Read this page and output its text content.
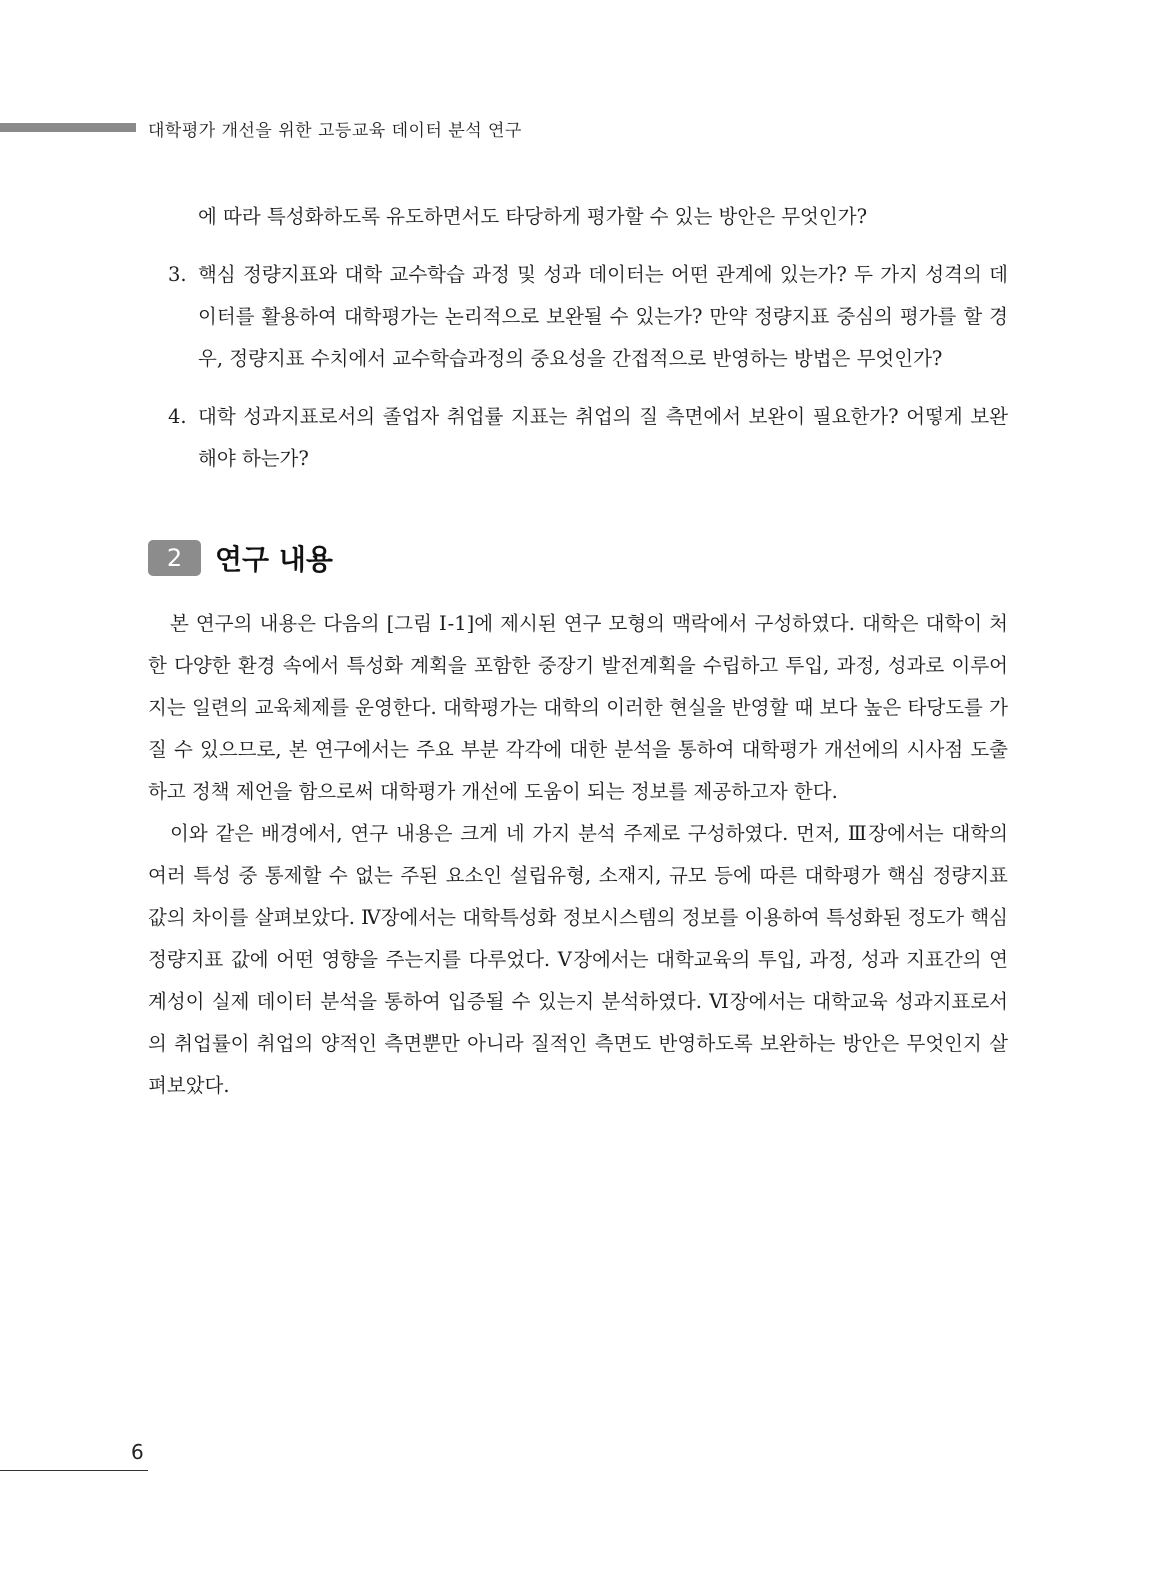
대학평가 개선을 위한 고등교육 데이터 분석 연구
에 따라 특성화하도록 유도하면서도 타당하게 평가할 수 있는 방안은 무엇인가?
3. 핵심 정량지표와 대학 교수학습 과정 및 성과 데이터는 어떤 관계에 있는가? 두 가지 성격의 데이터를 활용하여 대학평가는 논리적으로 보완될 수 있는가? 만약 정량지표 중심의 평가를 할 경우, 정량지표 수치에서 교수학습과정의 중요성을 간접적으로 반영하는 방법은 무엇인가?
4. 대학 성과지표로서의 졸업자 취업률 지표는 취업의 질 측면에서 보완이 필요한가? 어떻게 보완해야 하는가?
2	연구 내용

본 연구의 내용은 다음의 [그림 Ⅰ-1]에 제시된 연구 모형의 맥락에서 구성하였다. 대학은 대학이 처한 다양한 환경 속에서 특성화 계획을 포함한 중장기 발전계획을 수립하고 투입, 과정, 성과로 이루어지는 일련의 교육체제를 운영한다. 대학평가는 대학의 이러한 현실을 반영할 때 보다 높은 타당도를 가질 수 있으므로, 본 연구에서는 주요 부분 각각에 대한 분석을 통하여 대학평가 개선에의 시사점 도출하고 정책 제언을 함으로써 대학평가 개선에 도움이 되는 정보를 제공하고자 한다.

이와 같은 배경에서, 연구 내용은 크게 네 가지 분석 주제로 구성하였다. 먼저, Ⅲ장에서는 대학의 여러 특성 중 통제할 수 없는 주된 요소인 설립유형, 소재지, 규모 등에 따른 대학평가 핵심 정량지표 값의 차이를 살펴보았다. Ⅳ장에서는 대학특성화 정보시스템의 정보를 이용하여 특성화된 정도가 핵심 정량지표 값에 어떤 영향을 주는지를 다루었다. Ⅴ장에서는 대학교육의 투입, 과정, 성과 지표간의 연계성이 실제 데이터 분석을 통하여 입증될 수 있는지 분석하였다. Ⅵ장에서는 대학교육 성과지표로서의 취업률이 취업의 양적인 측면뿐만 아니라 질적인 측면도 반영하도록 보완하는 방안은 무엇인지 살펴보았다.

6
